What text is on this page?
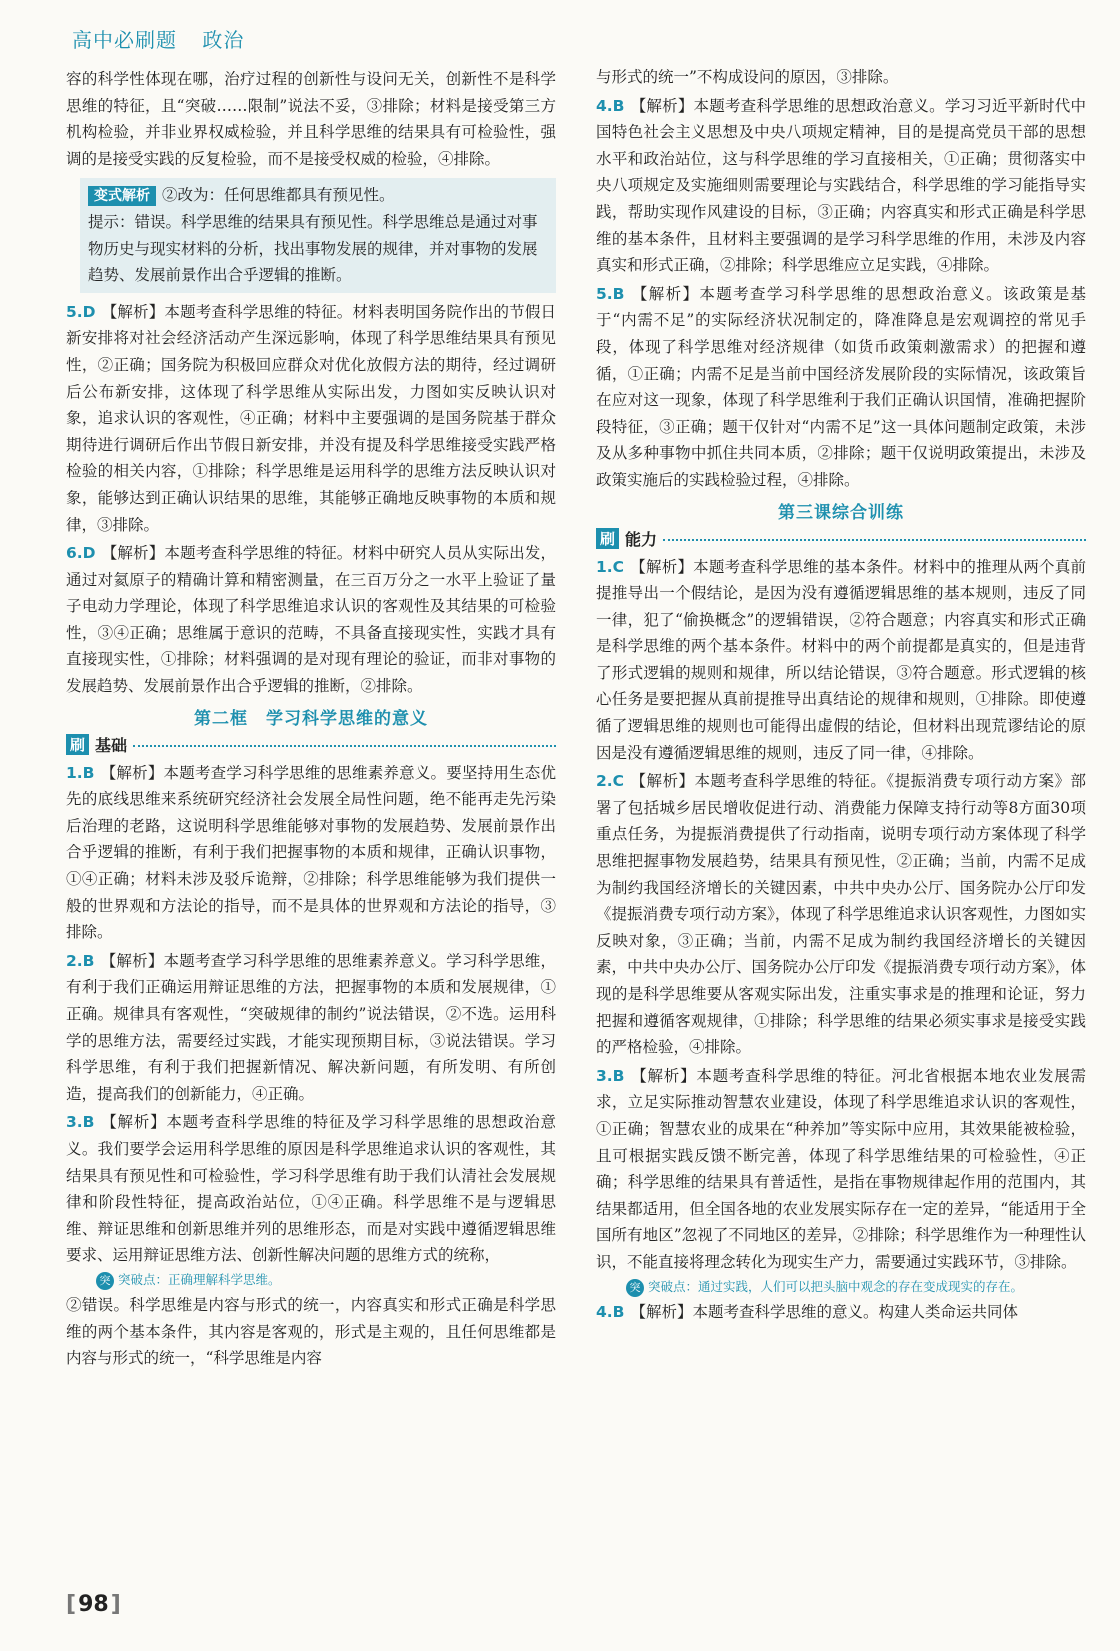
高中必刷题 政治

容的科学性体现在哪，治疗过程的创新性与设问无关，创新性不是科学思维的特征，且“突破……限制”说法不妥，③排除；材料是接受第三方机构检验，并非业界权威检验，并且科学思维的结果具有可检验性，强调的是接受实践的反复检验，而不是接受权威的检验，④排除。

变式解析 ②改为：任何思维都具有预见性。
提示：错误。科学思维的结果具有预见性。科学思维总是通过对事物历史与现实材料的分析，找出事物发展的规律，并对事物的发展趋势、发展前景作出合乎逻辑的推断。

5.D 【解析】本题考查科学思维的特征。材料表明国务院作出的节假日新安排将对社会经济活动产生深远影响，体现了科学思维结果具有预见性，②正确；国务院为积极回应群众对优化放假方法的期待，经过调研后公布新安排，这体现了科学思维从实际出发，力图如实反映认识对象，追求认识的客观性，④正确；材料中主要强调的是国务院基于群众期待进行调研后作出节假日新安排，并没有提及科学思维接受实践严格检验的相关内容，①排除；科学思维是运用科学的思维方法反映认识对象，能够达到正确认识结果的思维，其能够正确地反映事物的本质和规律，③排除。

6.D 【解析】本题考查科学思维的特征。材料中研究人员从实际出发，通过对氦原子的精确计算和精密测量，在三百万分之一水平上验证了量子电动力学理论，体现了科学思维追求认识的客观性及其结果的可检验性，③④正确；思维属于意识的范畴，不具备直接现实性，实践才具有直接现实性，①排除；材料强调的是对现有理论的验证，而非对事物的发展趋势、发展前景作出合乎逻辑的推断，②排除。

第二框　学习科学思维的意义
刷 基础

1.B 【解析】本题考查学习科学思维的思维素养意义。要坚持用生态优先的底线思维来系统研究经济社会发展全局性问题，绝不能再走先污染后治理的老路，这说明科学思维能够对事物的发展趋势、发展前景作出合乎逻辑的推断，有利于我们把握事物的本质和规律，正确认识事物，①④正确；材料未涉及驳斥诡辩，②排除；科学思维能够为我们提供一般的世界观和方法论的指导，而不是具体的世界观和方法论的指导，③排除。

2.B 【解析】本题考查学习科学思维的思维素养意义。学习科学思维，有利于我们正确运用辩证思维的方法，把握事物的本质和发展规律，①正确。规律具有客观性，“突破规律的制约”说法错误，②不选。运用科学的思维方法，需要经过实践，才能实现预期目标，③说法错误。学习科学思维，有利于我们把握新情况、解决新问题，有所发明、有所创造，提高我们的创新能力，④正确。

3.B 【解析】本题考查科学思维的特征及学习科学思维的思想政治意义。我们要学会运用科学思维的原因是科学思维追求认识的客观性，其结果具有预见性和可检验性，学习科学思维有助于我们认清社会发展规律和阶段性特征，提高政治站位，①④正确。科学思维不是与逻辑思维、辩证思维和创新思维并列的思维形态，而是对实践中遵循逻辑思维要求、运用辩证思维方法、创新性解决问题的思维方式的统称，

突 突破点：正确理解科学思维。

②错误。科学思维是内容与形式的统一，内容真实和形式正确是科学思维的两个基本条件，其内容是客观的，形式是主观的，且任何思维都是内容与形式的统一，“科学思维是内容

与形式的统一”不构成设问的原因，③排除。

4.B 【解析】本题考查科学思维的思想政治意义。学习习近平新时代中国特色社会主义思想及中央八项规定精神，目的是提高党员干部的思想水平和政治站位，这与科学思维的学习直接相关，①正确；贯彻落实中央八项规定及实施细则需要理论与实践结合，科学思维的学习能指导实践，帮助实现作风建设的目标，③正确；内容真实和形式正确是科学思维的基本条件，且材料主要强调的是学习科学思维的作用，未涉及内容真实和形式正确，②排除；科学思维应立足实践，④排除。

5.B 【解析】本题考查学习科学思维的思想政治意义。该政策是基于“内需不足”的实际经济状况制定的，降准降息是宏观调控的常见手段，体现了科学思维对经济规律（如货币政策刺激需求）的把握和遵循，①正确；内需不足是当前中国经济发展阶段的实际情况，该政策旨在应对这一现象，体现了科学思维利于我们正确认识国情，准确把握阶段特征，③正确；题干仅针对“内需不足”这一具体问题制定政策，未涉及从多种事物中抓住共同本质，②排除；题干仅说明政策提出，未涉及政策实施后的实践检验过程，④排除。

第三课综合训练
刷 能力

1.C 【解析】本题考查科学思维的基本条件。材料中的推理从两个真前提推导出一个假结论，是因为没有遵循逻辑思维的基本规则，违反了同一律，犯了“偷换概念”的逻辑错误，②符合题意；内容真实和形式正确是科学思维的两个基本条件。材料中的两个前提都是真实的，但是违背了形式逻辑的规则和规律，所以结论错误，③符合题意。形式逻辑的核心任务是要把握从真前提推导出真结论的规律和规则，①排除。即使遵循了逻辑思维的规则也可能得出虚假的结论，但材料出现荒谬结论的原因是没有遵循逻辑思维的规则，违反了同一律，④排除。

2.C 【解析】本题考查科学思维的特征。《提振消费专项行动方案》部署了包括城乡居民增收促进行动、消费能力保障支持行动等8方面30项重点任务，为提振消费提供了行动指南，说明专项行动方案体现了科学思维把握事物发展趋势，结果具有预见性，②正确；当前，内需不足成为制约我国经济增长的关键因素，中共中央办公厅、国务院办公厅印发《提振消费专项行动方案》，体现了科学思维追求认识客观性，力图如实反映对象，③正确；当前，内需不足成为制约我国经济增长的关键因素，中共中央办公厅、国务院办公厅印发《提振消费专项行动方案》，体现的是科学思维要从客观实际出发，注重实事求是的推理和论证，努力把握和遵循客观规律，①排除；科学思维的结果必须实事求是接受实践的严格检验，④排除。

3.B 【解析】本题考查科学思维的特征。河北省根据本地农业发展需求，立足实际推动智慧农业建设，体现了科学思维追求认识的客观性，①正确；智慧农业的成果在“种养加”等实际中应用，其效果能被检验，且可根据实践反馈不断完善，体现了科学思维结果的可检验性，④正确；科学思维的结果具有普适性，是指在事物规律起作用的范围内，其结果都适用，但全国各地的农业发展实际存在一定的差异，“能适用于全国所有地区”忽视了不同地区的差异，②排除；科学思维作为一种理性认识，不能直接将理念转化为现实生产力，需要通过实践环节，③排除。

突 突破点：通过实践，人们可以把头脑中观念的存在变成现实的存在。

4.B 【解析】本题考查科学思维的意义。构建人类命运共同体

[ 98 ]
